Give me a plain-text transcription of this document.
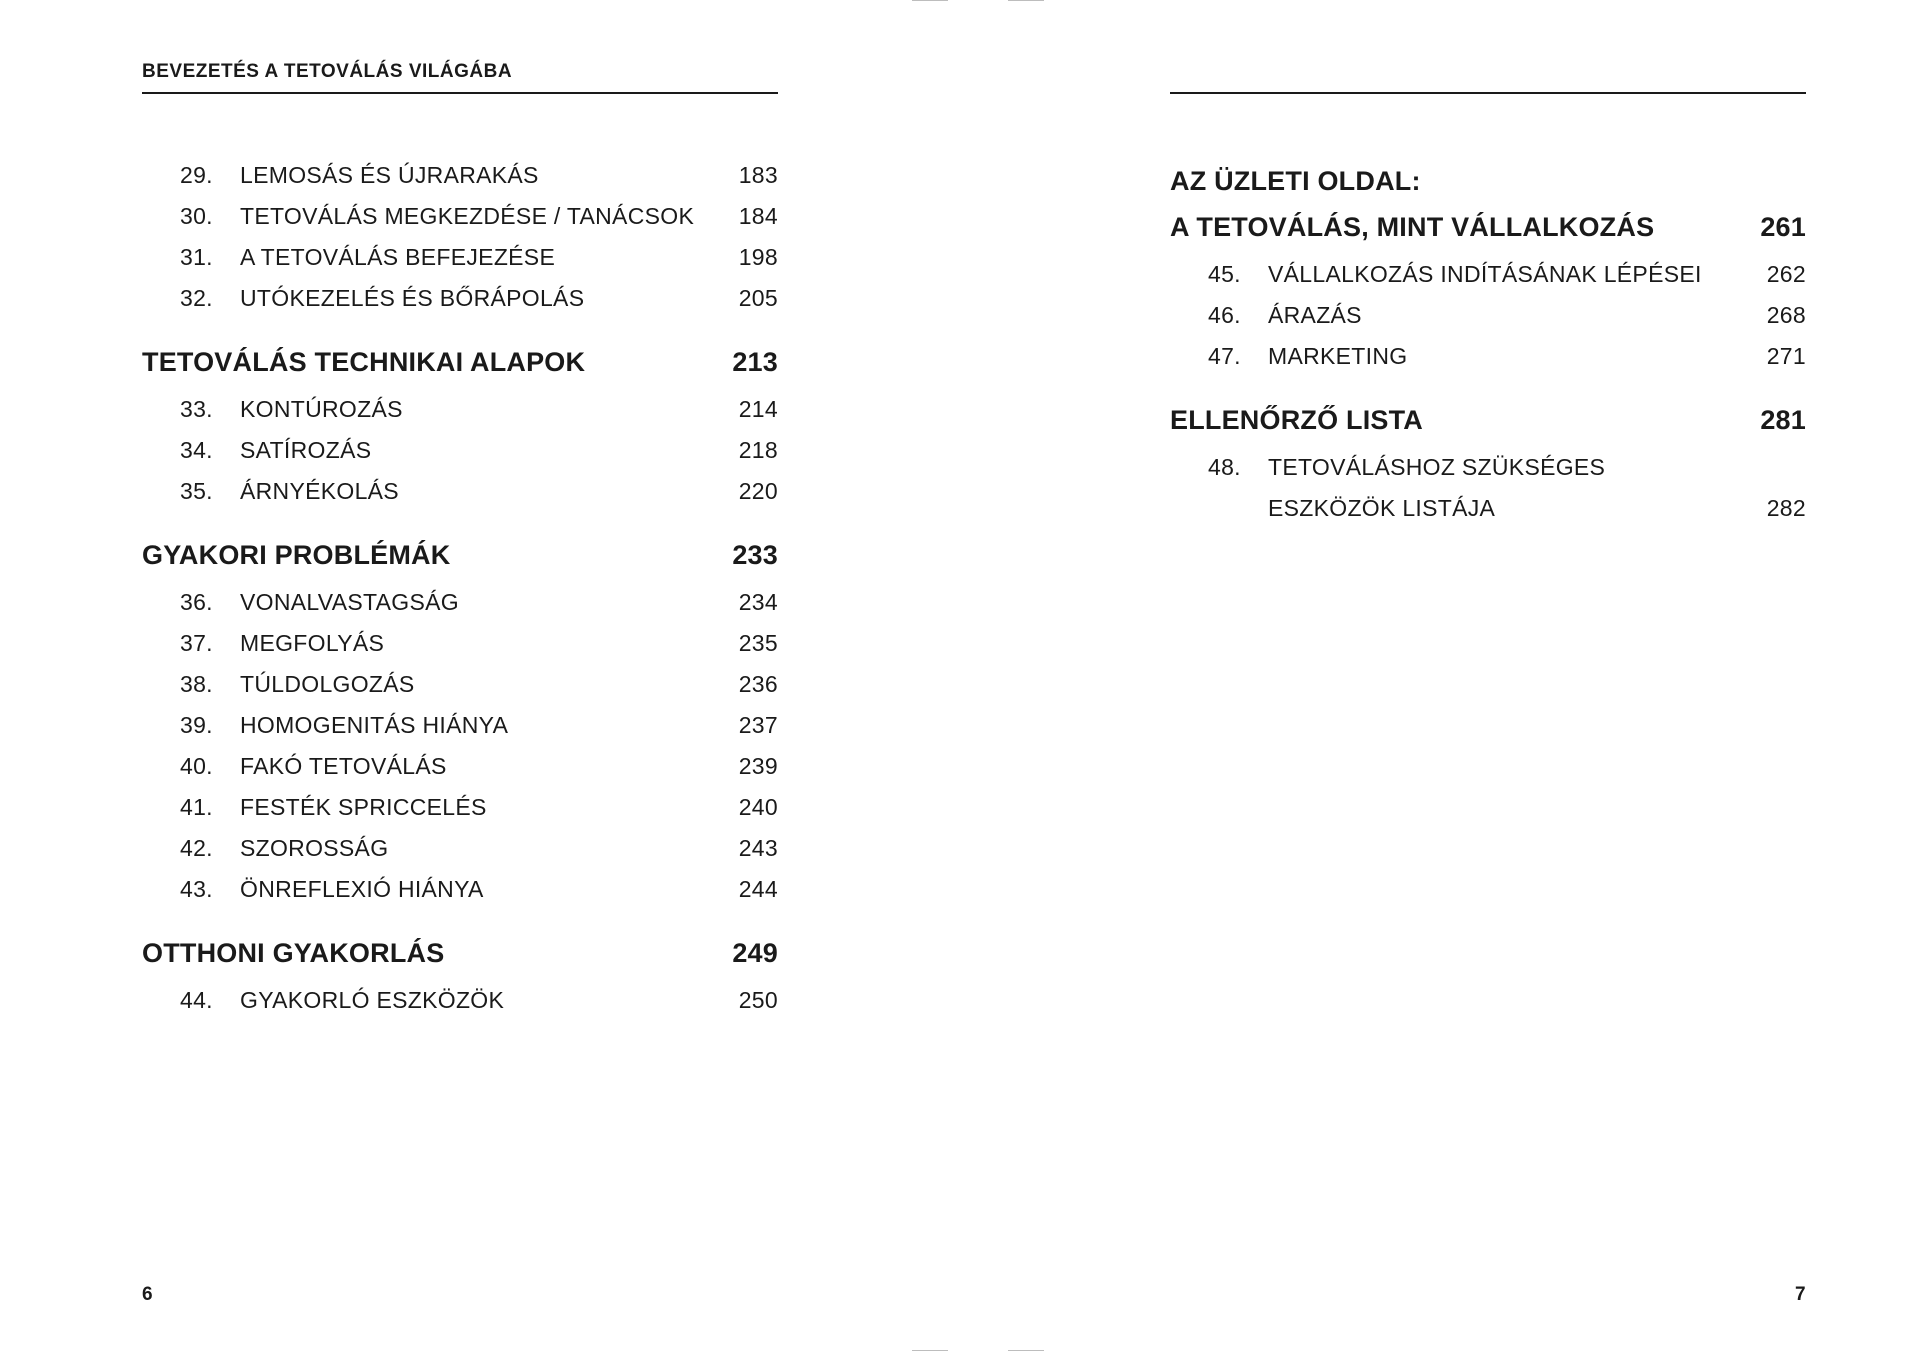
BEVEZETÉS A TETOVÁLÁS VILÁGÁBA
29.	LEMOSÁS ÉS ÚJRARAKÁS	183
30.	TETOVÁLÁS MEGKEZDÉSE / TANÁCSOK	184
31.	A TETOVÁLÁS BEFEJEZÉSE	198
32.	UTÓKEZELÉS ÉS BŐRÁPOLÁS	205
TETOVÁLÁS TECHNIKAI ALAPOK	213
33.	KONTÚROZÁS	214
34.	SATÍROZÁS	218
35.	ÁRNYÉKOLÁS	220
GYAKORI PROBLÉMÁK	233
36.	VONALVASTAGSÁG	234
37.	MEGFOLYÁS	235
38.	TÚLDOLGOZÁS	236
39.	HOMOGENITÁS HIÁNYA	237
40.	FAKÓ TETOVÁLÁS	239
41.	FESTÉK SPRICCELÉS	240
42.	SZOROSSÁG	243
43.	ÖNREFLEXIÓ HIÁNYA	244
OTTHONI GYAKORLÁS	249
44.	GYAKORLÓ ESZKÖZÖK	250
6
AZ ÜZLETI OLDAL:
A TETOVÁLÁS, MINT VÁLLALKOZÁS	261
45.	VÁLLALKOZÁS INDÍTÁSÁNAK LÉPÉSEI	262
46.	ÁRAZÁS	268
47.	MARKETING	271
ELLENŐRZŐ LISTA	281
48.	TETOVÁLÁSHOZ SZÜKSÉGES
ESZKÖZÖK LISTÁJA	282
7
